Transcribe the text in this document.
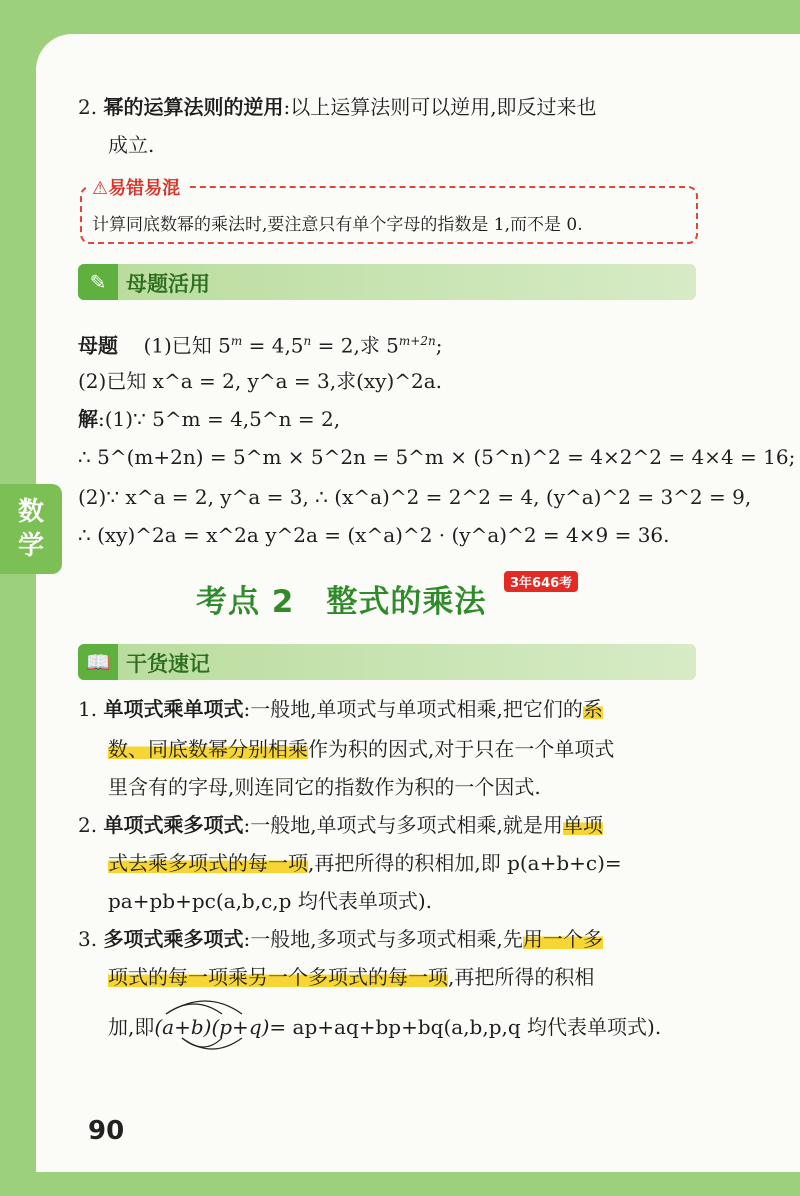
数
学
2. 幂的运算法则的逆用:以上运算法则可以逆用,即反过来也
成立.
⚠易错易混
计算同底数幂的乘法时,要注意只有单个字母的指数是 1,而不是 0.
✎ 母题活用
母题 (1)已知 $5^m = 4,5^n = 2$,求 $5^{m+2n}$;
(2)已知 x^a = 2, y^a = 3,求(xy)^2a.
解:(1)∵ 5^m = 4,5^n = 2,
∴ 5^(m+2n) = 5^m × 5^2n = 5^m × (5^n)^2 = 4×2^2 = 4×4 = 16;
(2)∵ x^a = 2, y^a = 3, ∴ (x^a)^2 = 2^2 = 4, (y^a)^2 = 3^2 = 9,
∴ (xy)^2a = x^2a y^2a = (x^a)^2 · (y^a)^2 = 4×9 = 36.
考点 2　整式的乘法
3年646考
📖 干货速记
1. 单项式乘单项式:一般地,单项式与单项式相乘,把它们的系
数、同底数幂分别相乘作为积的因式,对于只在一个单项式
里含有的字母,则连同它的指数作为积的一个因式.
2. 单项式乘多项式:一般地,单项式与多项式相乘,就是用单项
式去乘多项式的每一项,再把所得的积相加,即 p(a+b+c)=
pa+pb+pc(a,b,c,p 均代表单项式).
3. 多项式乘多项式:一般地,多项式与多项式相乘,先用一个多
项式的每一项乘另一个多项式的每一项,再把所得的积相
加,即
(a+b)(p+q)= ap+aq+bp+bq(a,b,p,q 均代表单项式).
90
